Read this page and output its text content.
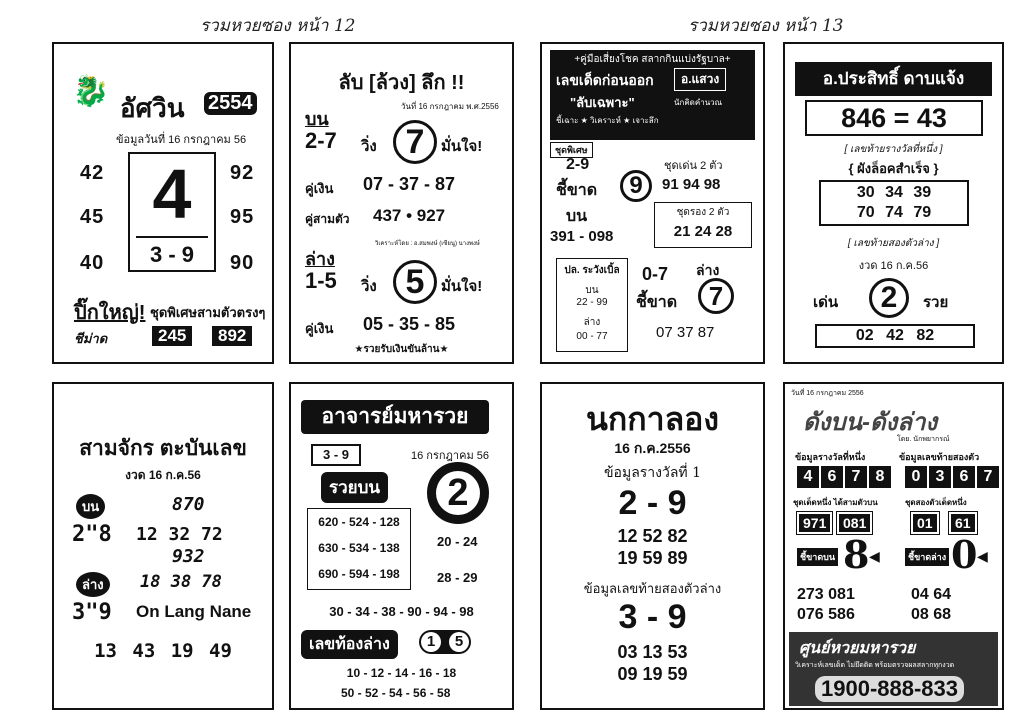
รวมหวยซอง หน้า 12	รวมหวยซอง หน้า 13
🐉 อัศวิน 2554
ข้อมูลวันที่ 16 กรกฎาคม 56
42
45
40
92
95
90
4
3 - 9
ปิ๊กใหญ่! ชุดพิเศษสามตัวตรงๆ
ชีม่าด	245	892
ลับ [ล้วง] ลึก !!
วันที่ 16 กรกฎาคม พ.ศ.2556
บน
2-7 วิ่ง 7	มั่นใจ!
คู่เงิน 07 - 37 - 87
คู่สามตัว 437 • 927
วิเคราะห์โดย : อ.สมพงษ์ (เซียนู) นางพงษ์
ล่าง
1-5 วิ่ง 5	มั่นใจ!
คู่เงิน 05 - 35 - 85
★รวยรับเงินขันล้าน★
+คู่มือเสี่ยงโชค สลากกินแบ่งรัฐบาล+
เลขเด็ดก่อนออก	อ.แสวง
"ลับเฉพาะ"	นักคิดคำนวณ
ชี้เฉาะ ★ วิเคราะห์ ★ เจาะลึก
ชุดพิเศษ
2-9
ชี้ขาด	9
ชุดเด่น 2 ตัว
91 94 98
บน
391 - 098
ชุดรอง 2 ตัว
21 24 28
ปล. ระวังเบิ้ล
บน
22 - 99
ล่าง
00 - 77
0-7 ล่าง
ชี้ขาด	7
07 37 87
อ.ประสิทธิ์ ดาบแจ้ง
846 = 43
[ เลขท้ายรางวัลที่หนึ่ง ]
{ ผังล็อคสำเร็จ }
30 34 39
70 74 79
[ เลขท้ายสองตัวล่าง ]
งวด 16 ก.ค.56
เด่น	2	รวย
02 42 82
สามจักร ตะบันเลข
งวด 16 ก.ค.56
บน	870
2"8 12 32 72
932
ล่าง	18 38 78
3"9 On Lang Nane
13 43 19 49
อาจารย์มหารวย
3 - 9	16 กรกฎาคม 56
รวยบน	2
620 - 524 - 128
630 - 534 - 138
690 - 594 - 198
20 - 24
28 - 29
30 - 34 - 38 - 90 - 94 - 98
เลขท้องล่าง	1	5
10 - 12 - 14 - 16 - 18
50 - 52 - 54 - 56 - 58
นกกาลอง
16 ก.ค.2556
ข้อมูลรางวัลที่ 1
2 - 9
12 52 82
19 59 89
ข้อมูลเลขท้ายสองตัวล่าง
3 - 9
03 13 53
09 19 59
วันที่ 16 กรกฎาคม 2556
ดังบน-ดังล่าง
โดย. นักพยากรณ์
ข้อมูลรางวัลที่หนึ่ง	ข้อมูลเลขท้ายสองตัว
4 6 7 8	0 3 6 7
ชุดเด็ดหนึ่ง ได้สามตัวบน	ชุดสองตัวเด็ดหนึ่ง
971	081	01	61
ชี้ขาดบน 8 ◀	ชี้ขาดล่าง 0 ◀
273 081
076 586
04 64
08 68
ศูนย์หวยมหารวย
วิเคราะห์เลขเด็ด ไม่ยึดติด พร้อมตรวจผลสลากทุกงวด
1900-888-833
